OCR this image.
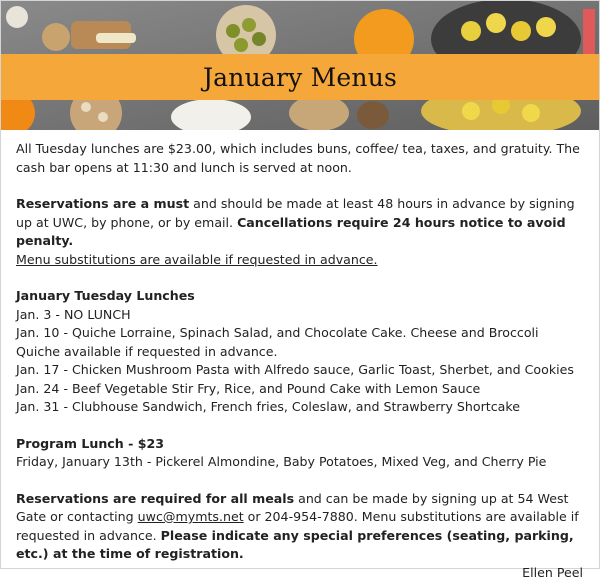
January Menus

All Tuesday lunches are $23.00, which includes buns, coffee/ tea, taxes, and gratuity. The cash bar opens at 11:30 and lunch is served at noon.

Reservations are a must and should be made at least 48 hours in advance by signing up at UWC, by phone, or by email. Cancellations require 24 hours notice to avoid penalty.

Menu substitutions are available if requested in advance.

January Tuesday Lunches

Jan. 3 - NO LUNCH

Jan. 10 - Quiche Lorraine, Spinach Salad, and Chocolate Cake. Cheese and Broccoli Quiche available if requested in advance.

Jan. 17 - Chicken Mushroom Pasta with Alfredo sauce, Garlic Toast, Sherbet, and Cookies

Jan. 24 - Beef Vegetable Stir Fry, Rice, and Pound Cake with Lemon Sauce

Jan. 31 - Clubhouse Sandwich, French fries, Coleslaw, and Strawberry Shortcake

Program Lunch - $23

Friday, January 13th - Pickerel Almondine, Baby Potatoes, Mixed Veg, and Cherry Pie

Reservations are required for all meals and can be made by signing up at 54 West Gate or contacting uwc@mymts.net or 204-954-7880. Menu substitutions are available if requested in advance. Please indicate any special preferences (seating, parking, etc.) at the time of registration.

Ellen Peel
